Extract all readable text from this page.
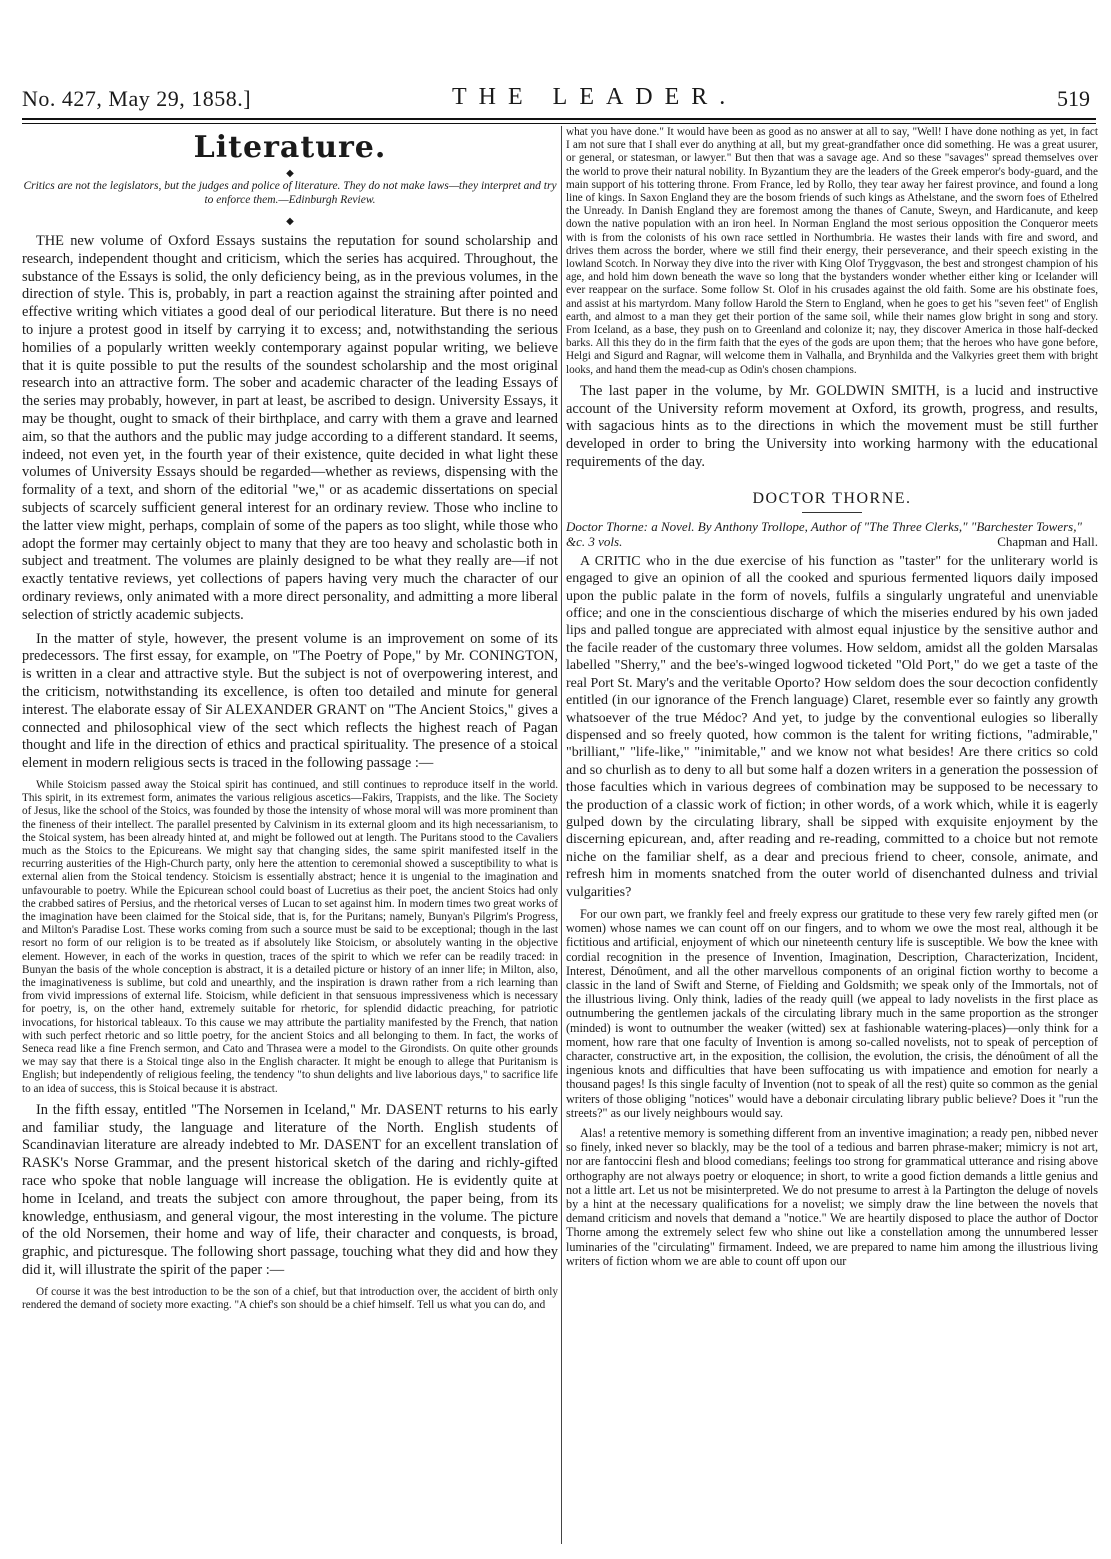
No. 427, May 29, 1858.]	THE LEADER.	519
Literature.
◆
Critics are not the legislators, but the judges and police of literature. They do not make laws—they interpret and try to enforce them.—Edinburgh Review.
◆

THE new volume of Oxford Essays sustains the reputation for sound scholarship and research, independent thought and criticism, which the series has acquired. Throughout, the substance of the Essays is solid, the only deficiency being, as in the previous volumes, in the direction of style. This is, probably, in part a reaction against the straining after pointed and effective writing which vitiates a good deal of our periodical literature. But there is no need to injure a protest good in itself by carrying it to excess; and, notwithstanding the serious homilies of a popularly written weekly contemporary against popular writing, we believe that it is quite possible to put the results of the soundest scholarship and the most original research into an attractive form. The sober and academic character of the leading Essays of the series may probably, however, in part at least, be ascribed to design. University Essays, it may be thought, ought to smack of their birthplace, and carry with them a grave and learned aim, so that the authors and the public may judge according to a different standard. It seems, indeed, not even yet, in the fourth year of their existence, quite decided in what light these volumes of University Essays should be regarded—whether as reviews, dispensing with the formality of a text, and shorn of the editorial "we," or as academic dissertations on special subjects of scarcely sufficient general interest for an ordinary review. Those who incline to the latter view might, perhaps, complain of some of the papers as too slight, while those who adopt the former may certainly object to many that they are too heavy and scholastic both in subject and treatment. The volumes are plainly designed to be what they really are—if not exactly tentative reviews, yet collections of papers having very much the character of our ordinary reviews, only animated with a more direct personality, and admitting a more liberal selection of strictly academic subjects.

In the matter of style, however, the present volume is an improvement on some of its predecessors. The first essay, for example, on "The Poetry of Pope," by Mr. CONINGTON, is written in a clear and attractive style. But the subject is not of overpowering interest, and the criticism, notwithstanding its excellence, is often too detailed and minute for general interest. The elaborate essay of Sir ALEXANDER GRANT on "The Ancient Stoics," gives a connected and philosophical view of the sect which reflects the highest reach of Pagan thought and life in the direction of ethics and practical spirituality. The presence of a stoical element in modern religious sects is traced in the following passage :—

While Stoicism passed away the Stoical spirit has continued, and still continues to reproduce itself in the world. This spirit, in its extremest form, animates the various religious ascetics—Fakirs, Trappists, and the like. The Society of Jesus, like the school of the Stoics, was founded by those the intensity of whose moral will was more prominent than the fineness of their intellect. The parallel presented by Calvinism in its external gloom and its high necessarianism, to the Stoical system, has been already hinted at, and might be followed out at length. The Puritans stood to the Cavaliers much as the Stoics to the Epicureans. We might say that changing sides, the same spirit manifested itself in the recurring austerities of the High-Church party, only here the attention to ceremonial showed a susceptibility to what is external alien from the Stoical tendency. Stoicism is essentially abstract; hence it is ungenial to the imagination and unfavourable to poetry. While the Epicurean school could boast of Lucretius as their poet, the ancient Stoics had only the crabbed satires of Persius, and the rhetorical verses of Lucan to set against him. In modern times two great works of the imagination have been claimed for the Stoical side, that is, for the Puritans; namely, Bunyan's Pilgrim's Progress, and Milton's Paradise Lost. These works coming from such a source must be said to be exceptional; though in the last resort no form of our religion is to be treated as if absolutely like Stoicism, or absolutely wanting in the objective element. However, in each of the works in question, traces of the spirit to which we refer can be readily traced: in Bunyan the basis of the whole conception is abstract, it is a detailed picture or history of an inner life; in Milton, also, the imaginativeness is sublime, but cold and unearthly, and the inspiration is drawn rather from a rich learning than from vivid impressions of external life. Stoicism, while deficient in that sensuous impressiveness which is necessary for poetry, is, on the other hand, extremely suitable for rhetoric, for splendid didactic preaching, for patriotic invocations, for historical tableaux. To this cause we may attribute the partiality manifested by the French, that nation with such perfect rhetoric and so little poetry, for the ancient Stoics and all belonging to them. In fact, the works of Seneca read like a fine French sermon, and Cato and Thrasea were a model to the Girondists. On quite other grounds we may say that there is a Stoical tinge also in the English character. It might be enough to allege that Puritanism is English; but independently of religious feeling, the tendency "to shun delights and live laborious days," to sacrifice life to an idea of success, this is Stoical because it is abstract.

In the fifth essay, entitled "The Norsemen in Iceland," Mr. DASENT returns to his early and familiar study, the language and literature of the North. English students of Scandinavian literature are already indebted to Mr. DASENT for an excellent translation of RASK's Norse Grammar, and the present historical sketch of the daring and richly-gifted race who spoke that noble language will increase the obligation. He is evidently quite at home in Iceland, and treats the subject con amore throughout, the paper being, from its knowledge, enthusiasm, and general vigour, the most interesting in the volume. The picture of the old Norsemen, their home and way of life, their character and conquests, is broad, graphic, and picturesque. The following short passage, touching what they did and how they did it, will illustrate the spirit of the paper :—

Of course it was the best introduction to be the son of a chief, but that introduction over, the accident of birth only rendered the demand of society more exacting. "A chief's son should be a chief himself. Tell us what you can do, and

what you have done." It would have been as good as no answer at all to say, "Well! I have done nothing as yet, in fact I am not sure that I shall ever do anything at all, but my great-grandfather once did something. He was a great usurer, or general, or statesman, or lawyer." But then that was a savage age. And so these "savages" spread themselves over the world to prove their natural nobility. In Byzantium they are the leaders of the Greek emperor's body-guard, and the main support of his tottering throne. From France, led by Rollo, they tear away her fairest province, and found a long line of kings. In Saxon England they are the bosom friends of such kings as Athelstane, and the sworn foes of Ethelred the Unready. In Danish England they are foremost among the thanes of Canute, Sweyn, and Hardicanute, and keep down the native population with an iron heel. In Norman England the most serious opposition the Conqueror meets with is from the colonists of his own race settled in Northumbria. He wastes their lands with fire and sword, and drives them across the border, where we still find their energy, their perseverance, and their speech existing in the lowland Scotch. In Norway they dive into the river with King Olof Tryggvason, the best and strongest champion of his age, and hold him down beneath the wave so long that the bystanders wonder whether either king or Icelander will ever reappear on the surface. Some follow St. Olof in his crusades against the old faith. Some are his obstinate foes, and assist at his martyrdom. Many follow Harold the Stern to England, when he goes to get his "seven feet" of English earth, and almost to a man they get their portion of the same soil, while their names glow bright in song and story. From Iceland, as a base, they push on to Greenland and colonize it; nay, they discover America in those half-decked barks. All this they do in the firm faith that the eyes of the gods are upon them; that the heroes who have gone before, Helgi and Sigurd and Ragnar, will welcome them in Valhalla, and Brynhilda and the Valkyries greet them with bright looks, and hand them the mead-cup as Odin's chosen champions.

The last paper in the volume, by Mr. GOLDWIN SMITH, is a lucid and instructive account of the University reform movement at Oxford, its growth, progress, and results, with sagacious hints as to the directions in which the movement must be still further developed in order to bring the University into working harmony with the educational requirements of the day.

DOCTOR THORNE.
Doctor Thorne: a Novel. By Anthony Trollope, Author of "The Three Clerks," "Barchester Towers," &c. 3 vols.	Chapman and Hall.

A CRITIC who in the due exercise of his function as "taster" for the unliterary world is engaged to give an opinion of all the cooked and spurious fermented liquors daily imposed upon the public palate in the form of novels, fulfils a singularly ungrateful and unenviable office; and one in the conscientious discharge of which the miseries endured by his own jaded lips and palled tongue are appreciated with almost equal injustice by the sensitive author and the facile reader of the customary three volumes. How seldom, amidst all the golden Marsalas labelled "Sherry," and the bee's-winged logwood ticketed "Old Port," do we get a taste of the real Port St. Mary's and the veritable Oporto? How seldom does the sour decoction confidently entitled (in our ignorance of the French language) Claret, resemble ever so faintly any growth whatsoever of the true Médoc? And yet, to judge by the conventional eulogies so liberally dispensed and so freely quoted, how common is the talent for writing fictions, "admirable," "brilliant," "life-like," "inimitable," and we know not what besides! Are there critics so cold and so churlish as to deny to all but some half a dozen writers in a generation the possession of those faculties which in various degrees of combination may be supposed to be necessary to the production of a classic work of fiction; in other words, of a work which, while it is eagerly gulped down by the circulating library, shall be sipped with exquisite enjoyment by the discerning epicurean, and, after reading and re-reading, committed to a choice but not remote niche on the familiar shelf, as a dear and precious friend to cheer, console, animate, and refresh him in moments snatched from the outer world of disenchanted dulness and trivial vulgarities?

For our own part, we frankly feel and freely express our gratitude to these very few rarely gifted men (or women) whose names we can count off on our fingers, and to whom we owe the most real, although it be fictitious and artificial, enjoyment of which our nineteenth century life is susceptible. We bow the knee with cordial recognition in the presence of Invention, Imagination, Description, Characterization, Incident, Interest, Dénoûment, and all the other marvellous components of an original fiction worthy to become a classic in the land of Swift and Sterne, of Fielding and Goldsmith; we speak only of the Immortals, not of the illustrious living. Only think, ladies of the ready quill (we appeal to lady novelists in the first place as outnumbering the gentlemen jackals of the circulating library much in the same proportion as the stronger (minded) is wont to outnumber the weaker (witted) sex at fashionable watering-places)—only think for a moment, how rare that one faculty of Invention is among so-called novelists, not to speak of perception of character, constructive art, in the exposition, the collision, the evolution, the crisis, the dénoûment of all the ingenious knots and difficulties that have been suffocating us with impatience and emotion for nearly a thousand pages! Is this single faculty of Invention (not to speak of all the rest) quite so common as the genial writers of those obliging "notices" would have a debonair circulating library public believe? Does it "run the streets?" as our lively neighbours would say.

Alas! a retentive memory is something different from an inventive imagination; a ready pen, nibbed never so finely, inked never so blackly, may be the tool of a tedious and barren phrase-maker; mimicry is not art, nor are fantoccini flesh and blood comedians; feelings too strong for grammatical utterance and rising above orthography are not always poetry or eloquence; in short, to write a good fiction demands a little genius and not a little art. Let us not be misinterpreted. We do not presume to arrest à la Partington the deluge of novels by a hint at the necessary qualifications for a novelist; we simply draw the line between the novels that demand criticism and novels that demand a "notice." We are heartily disposed to place the author of Doctor Thorne among the extremely select few who shine out like a constellation among the unnumbered lesser luminaries of the "circulating" firmament. Indeed, we are prepared to name him among the illustrious living writers of fiction whom we are able to count off upon our
